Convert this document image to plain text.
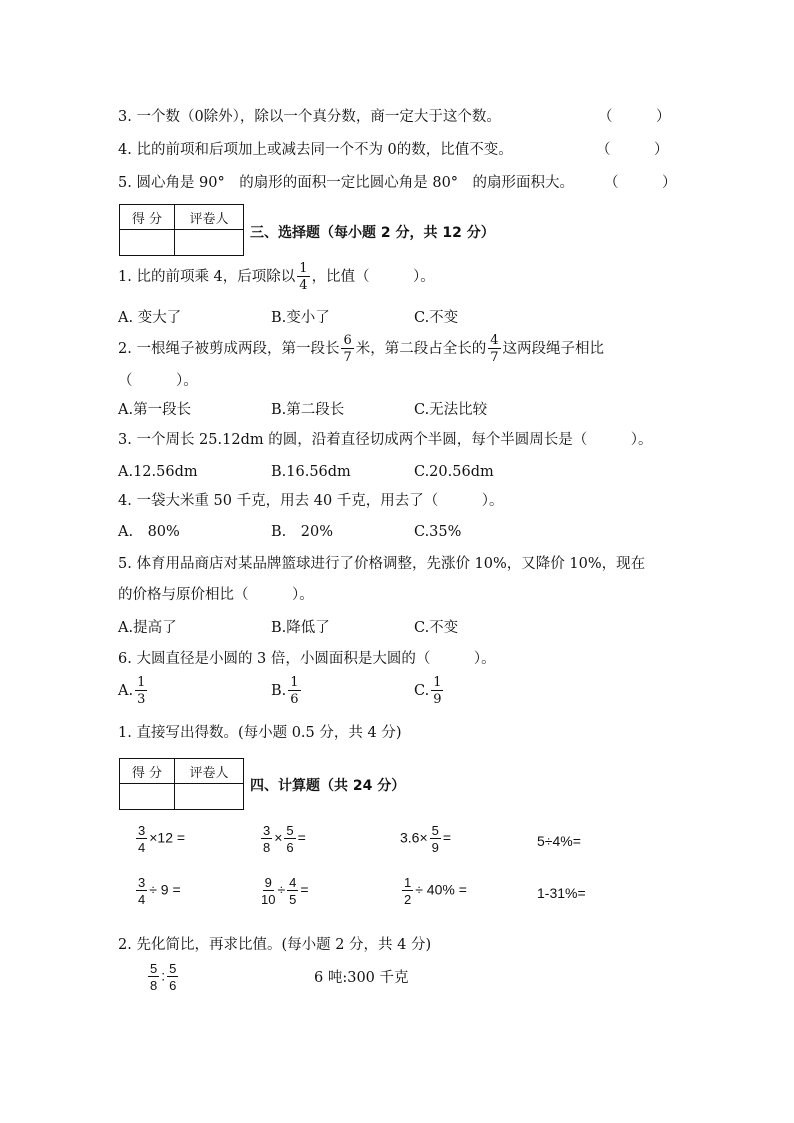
3. 一个数（0除外），除以一个真分数，商一定大于这个数。	（　　　）
4. 比的前项和后项加上或减去同一个不为 0的数，比值不变。	（　　　）
5. 圆心角是 90°　的扇形的面积一定比圆心角是 80°　的扇形面积大。 （　　　）
得 分	评卷人

三、选择题（每小题 2 分，共 12 分）
1. 比的前项乘 4，后项除以 $\frac{1}{4}$ ，比值（　　　）。
A. 变大了	B.变小了	C.不变
2. 一根绳子被剪成两段，第一段长 $\frac{6}{7}$ 米，第二段占全长的 $\frac{4}{7}$ 这两段绳子相比
（　　　）。
A.第一段长	B.第二段长	C.无法比较
3. 一个周长 25.12dm 的圆，沿着直径切成两个半圆，每个半圆周长是（　　　）。
A.12.56dm	B.16.56dm	C.20.56dm
4. 一袋大米重 50 千克，用去 40 千克，用去了（　　　）。
A.　80%	B.　20%	C.35%
5. 体育用品商店对某品牌篮球进行了价格调整，先涨价 10%，又降价 10%，现在
的价格与原价相比（　　　）。
A.提高了	B.降低了	C.不变
6. 大圆直径是小圆的 3 倍，小圆面积是大圆的（　　　）。
A. $\frac{1}{3}$	B. $\frac{1}{6}$	C. $\frac{1}{9}$
1. 直接写出得数。(每小题 0.5 分，共 4 分)
得 分	评卷人

四、计算题（共 24 分）
$\frac{3}{4} \times 12$ =	$\frac{3}{8} \times \frac{5}{6}$ =	$3.6\times \frac{5}{9}$ =	5÷4%=
$\frac{3}{4} \div 9$ =	$\frac{9}{10} \div \frac{4}{5}$ =	$\frac{1}{2} \div 40\%$ =	1-31%=
2. 先化简比，再求比值。(每小题 2 分，共 4 分)
$\frac{5}{8}$ : $\frac{5}{6}$	6 吨:300 千克
